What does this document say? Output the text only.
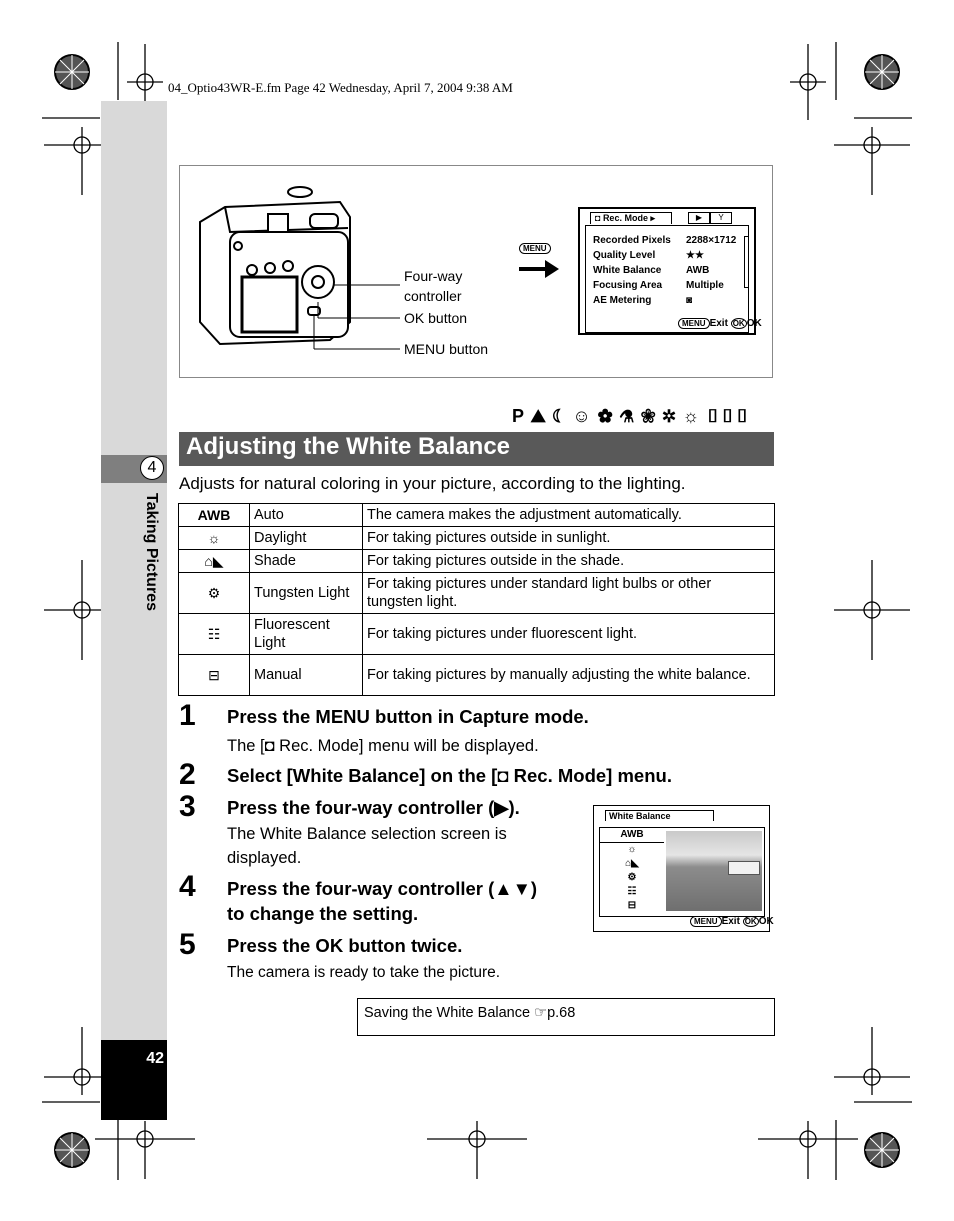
04_Optio43WR-E.fm Page 42 Wednesday, April 7, 2004 9:38 AM
4
Taking Pictures
42
Four-way
controller
OK button
MENU button
MENU
◘ Rec. Mode ▸	▶	Y
Recorded Pixels 2288×1712
Quality Level	★★
White Balance AWB
Focusing Area Multiple
AE Metering	◙
MENU Exit OK OK
P ⛰ ☾ ☺ ✿ ⚗ ❀ ✲ ☼ ▯▯▯
Adjusting the White Balance
Adjusts for natural coloring in your picture, according to the lighting.
AWB	Auto	The camera makes the adjustment automatically.
☼	Daylight	For taking pictures outside in sunlight.
⌂◣	Shade	For taking pictures outside in the shade.
⚙	Tungsten Light	For taking pictures under standard light bulbs or other tungsten light.
☷	Fluorescent Light	For taking pictures under fluorescent light.
⊟	Manual	For taking pictures by manually adjusting the white balance.
1 Press the MENU button in Capture mode.
The [◘ Rec. Mode] menu will be displayed.
2 Select [White Balance] on the [◘ Rec. Mode] menu.
3 Press the four-way controller (▶).
The White Balance selection screen is
displayed.
4 Press the four-way controller (▲▼)
to change the setting.
5 Press the OK button twice.
The camera is ready to take the picture.
White Balance
AWB
☼
⌂◣
⚙
☷
⊟
MENU Exit OK OK
Saving the White Balance ☞p.68
